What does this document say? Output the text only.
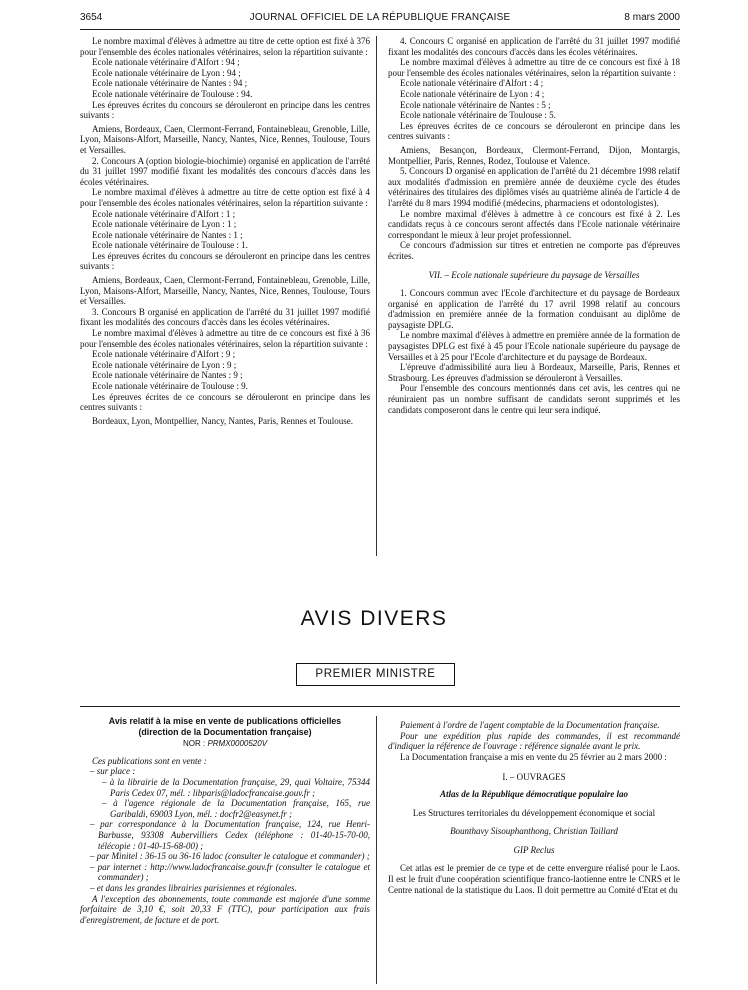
3654	JOURNAL OFFICIEL DE LA RÉPUBLIQUE FRANÇAISE	8 mars 2000

Le nombre maximal d'élèves à admettre au titre de cette option est fixé à 376 pour l'ensemble des écoles nationales vétérinaires, selon la répartition suivante :

Ecole nationale vétérinaire d'Alfort : 94 ;

Ecole nationale vétérinaire de Lyon : 94 ;

Ecole nationale vétérinaire de Nantes : 94 ;

Ecole nationale vétérinaire de Toulouse : 94.

Les épreuves écrites du concours se dérouleront en principe dans les centres suivants :

Amiens, Bordeaux, Caen, Clermont-Ferrand, Fontainebleau, Grenoble, Lille, Lyon, Maisons-Alfort, Marseille, Nancy, Nantes, Nice, Rennes, Toulouse, Tours et Versailles.

2. Concours A (option biologie-biochimie) organisé en application de l'arrêté du 31 juillet 1997 modifié fixant les modalités des concours d'accès dans les écoles vétérinaires.

Le nombre maximal d'élèves à admettre au titre de cette option est fixé à 4 pour l'ensemble des écoles nationales vétérinaires, selon la répartition suivante :

Ecole nationale vétérinaire d'Alfort : 1 ;

Ecole nationale vétérinaire de Lyon : 1 ;

Ecole nationale vétérinaire de Nantes : 1 ;

Ecole nationale vétérinaire de Toulouse : 1.

Les épreuves écrites du concours se dérouleront en principe dans les centres suivants :

Amiens, Bordeaux, Caen, Clermont-Ferrand, Fontainebleau, Grenoble, Lille, Lyon, Maisons-Alfort, Marseille, Nancy, Nantes, Nice, Rennes, Toulouse, Tours et Versailles.

3. Concours B organisé en application de l'arrêté du 31 juillet 1997 modifié fixant les modalités des concours d'accès dans les écoles vétérinaires.

Le nombre maximal d'élèves à admettre au titre de ce concours est fixé à 36 pour l'ensemble des écoles nationales vétérinaires, selon la répartition suivante :

Ecole nationale vétérinaire d'Alfort : 9 ;

Ecole nationale vétérinaire de Lyon : 9 ;

Ecole nationale vétérinaire de Nantes : 9 ;

Ecole nationale vétérinaire de Toulouse : 9.

Les épreuves écrites de ce concours se dérouleront en principe dans les centres suivants :

Bordeaux, Lyon, Montpellier, Nancy, Nantes, Paris, Rennes et Toulouse.

4. Concours C organisé en application de l'arrêté du 31 juillet 1997 modifié fixant les modalités des concours d'accès dans les écoles vétérinaires.

Le nombre maximal d'élèves à admettre au titre de ce concours est fixé à 18 pour l'ensemble des écoles nationales vétérinaires, selon la répartition suivante :

Ecole nationale vétérinaire d'Alfort : 4 ;

Ecole nationale vétérinaire de Lyon : 4 ;

Ecole nationale vétérinaire de Nantes : 5 ;

Ecole nationale vétérinaire de Toulouse : 5.

Les épreuves écrites de ce concours se dérouleront en principe dans les centres suivants :

Amiens, Besançon, Bordeaux, Clermont-Ferrand, Dijon, Montargis, Montpellier, Paris, Rennes, Rodez, Toulouse et Valence.

5. Concours D organisé en application de l'arrêté du 21 décembre 1998 relatif aux modalités d'admission en première année de deuxième cycle des études vétérinaires des titulaires des diplômes visés au quatrième alinéa de l'article 4 de l'arrêté du 8 mars 1994 modifié (médecins, pharmaciens et odontologistes).

Le nombre maximal d'élèves à admettre à ce concours est fixé à 2. Les candidats reçus à ce concours seront affectés dans l'Ecole nationale vétérinaire correspondant le mieux à leur projet professionnel.

Ce concours d'admission sur titres et entretien ne comporte pas d'épreuves écrites.

VII. – Ecole nationale supérieure du paysage de Versailles

1. Concours commun avec l'Ecole d'architecture et du paysage de Bordeaux organisé en application de l'arrêté du 17 avril 1998 relatif au concours d'admission en première année de la formation conduisant au diplôme de paysagiste DPLG.

Le nombre maximal d'élèves à admettre en première année de la formation de paysagistes DPLG est fixé à 45 pour l'Ecole nationale supérieure du paysage de Versailles et à 25 pour l'Ecole d'architecture et du paysage de Bordeaux.

L'épreuve d'admissibilité aura lieu à Bordeaux, Marseille, Paris, Rennes et Strasbourg. Les épreuves d'admission se dérouleront à Versailles.

Pour l'ensemble des concours mentionnés dans cet avis, les centres qui ne réuniraient pas un nombre suffisant de candidats seront supprimés et les candidats composeront dans le centre qui leur sera indiqué.

AVIS DIVERS
PREMIER MINISTRE

Avis relatif à la mise en vente de publications officielles

(direction de la Documentation française)

NOR : PRMX0000520V

Ces publications sont en vente :

– sur place :

– à la librairie de la Documentation française, 29, quai Voltaire, 75344 Paris Cedex 07, mél. : libparis@ladocfrancaise.gouv.fr ;

– à l'agence régionale de la Documentation française, 165, rue Garibaldi, 69003 Lyon, mél. : docfr2@easynet.fr ;

– par correspondance à la Documentation française, 124, rue Henri-Barbusse, 93308 Aubervilliers Cedex (téléphone : 01-40-15-70-00, télécopie : 01-40-15-68-00) ;

– par Minitel : 36-15 ou 36-16 ladoc (consulter le catalogue et commander) ;

– par internet : http://www.ladocfrancaise.gouv.fr (consulter le catalogue et commander) ;

– et dans les grandes librairies parisiennes et régionales.

A l'exception des abonnements, toute commande est majorée d'une somme forfaitaire de 3,10 €, soit 20,33 F (TTC), pour participation aux frais d'enregistrement, de facture et de port.

Paiement à l'ordre de l'agent comptable de la Documentation française.

Pour une expédition plus rapide des commandes, il est recommandé d'indiquer la référence de l'ouvrage : référence signalée avant le prix.

La Documentation française a mis en vente du 25 février au 2 mars 2000 :

I. – OUVRAGES

Atlas de la République démocratique populaire lao

Les Structures territoriales du développement économique et social

Bounthavy Sisouphanthong, Christian Taillard

GIP Reclus

Cet atlas est le premier de ce type et de cette envergure réalisé pour le Laos. Il est le fruit d'une coopération scientifique franco-laotienne entre le CNRS et le Centre national de la statistique du Laos. Il doit permettre au Comité d'Etat et du
